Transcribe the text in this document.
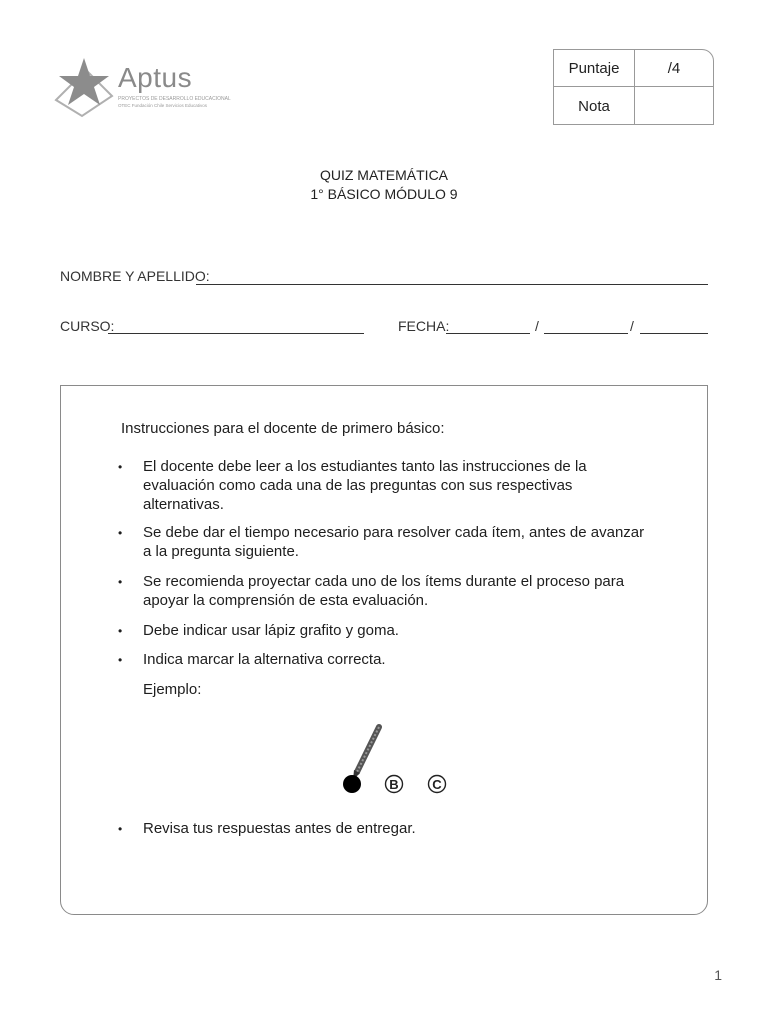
Aptus
PROYECTOS DE DESARROLLO EDUCACIONAL
OTEC Fundación Chile Servicios Educativos
Puntaje	/4
Nota
QUIZ MATEMÁTICA
1° BÁSICO MÓDULO 9
NOMBRE Y APELLIDO:
CURSO:	FECHA:	/	/
Instrucciones para el docente de primero básico:
• El docente debe leer a los estudiantes tanto las instrucciones de la evaluación como cada una de las preguntas con sus respectivas alternativas.
• Se debe dar el tiempo necesario para resolver cada ítem, antes de avanzar a la pregunta siguiente.
• Se recomienda proyectar cada uno de los ítems durante el proceso para apoyar la comprensión de esta evaluación.
• Debe indicar usar lápiz grafito y goma.
• Indica marcar la alternativa correcta.
Ejemplo:
B	C
• Revisa tus respuestas antes de entregar.
1
